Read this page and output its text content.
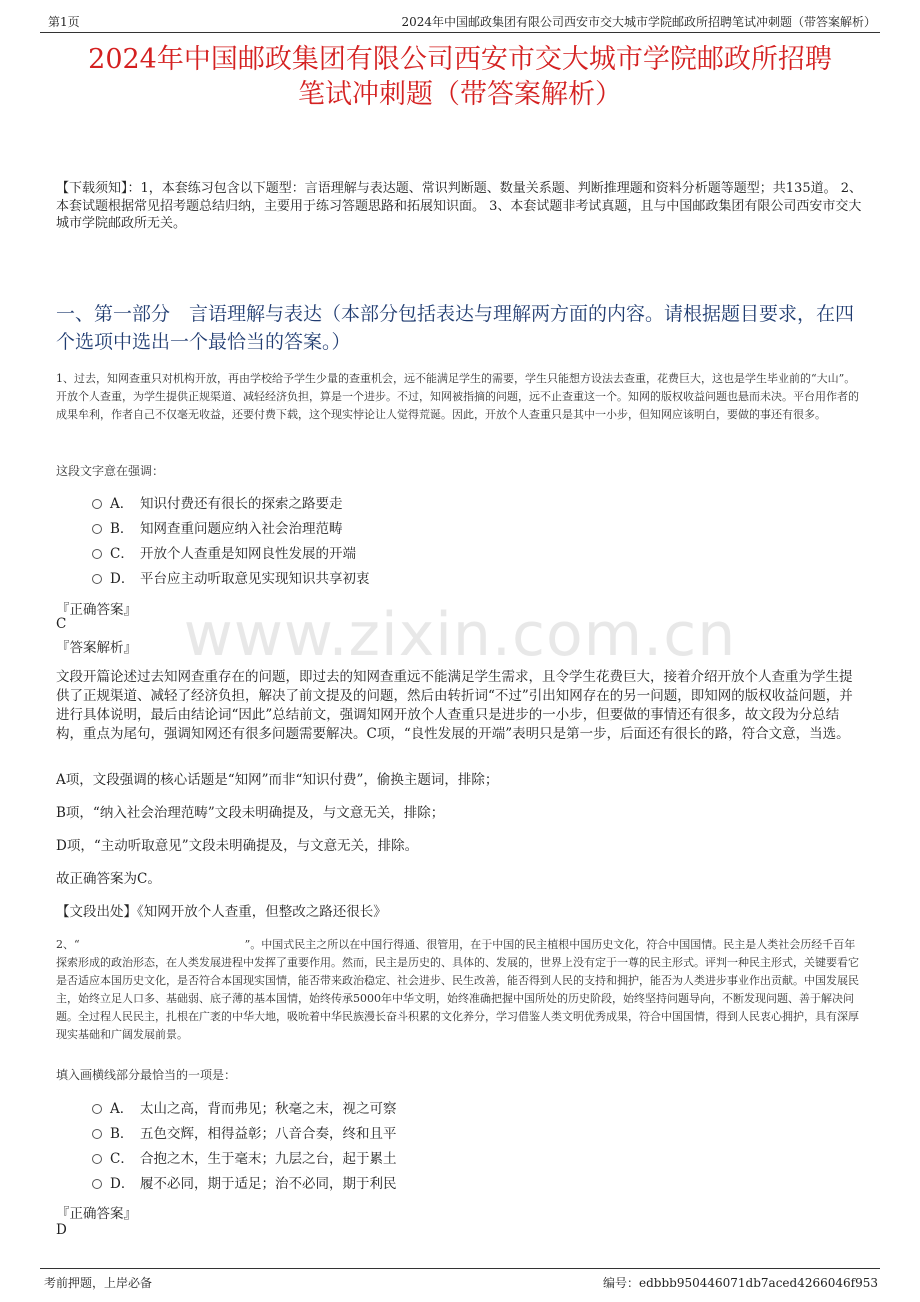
第1页	2024年中国邮政集团有限公司西安市交大城市学院邮政所招聘笔试冲刺题（带答案解析）
2024年中国邮政集团有限公司西安市交大城市学院邮政所招聘
笔试冲刺题（带答案解析）
【下载须知】：1，本套练习包含以下题型：言语理解与表达题、常识判断题、数量关系题、判断推理题和资料分析题等题型；共135道。 2、本套试题根据常见招考题总结归纳，主要用于练习答题思路和拓展知识面。 3、本套试题非考试真题，且与中国邮政集团有限公司西安市交大城市学院邮政所无关。
一、第一部分　言语理解与表达（本部分包括表达与理解两方面的内容。请根据题目要求，在四个选项中选出一个最恰当的答案。）
1、过去，知网查重只对机构开放，再由学校给予学生少量的查重机会，远不能满足学生的需要，学生只能想方设法去查重，花费巨大，这也是学生毕业前的“大山”。开放个人查重，为学生提供正规渠道、减轻经济负担，算是一个进步。不过，知网被指摘的问题，远不止查重这一个。知网的版权收益问题也悬而未决。平台用作者的成果牟利，作者自己不仅毫无收益，还要付费下载，这个现实悖论让人觉得荒诞。因此，开放个人查重只是其中一小步，但知网应该明白，要做的事还有很多。
这段文字意在强调：
A． 知识付费还有很长的探索之路要走
B． 知网查重问题应纳入社会治理范畴
C． 开放个人查重是知网良性发展的开端
D． 平台应主动听取意见实现知识共享初衷
『正确答案』
C
『答案解析』 www.zixin.com.cn
文段开篇论述过去知网查重存在的问题，即过去的知网查重远不能满足学生需求，且令学生花费巨大，接着介绍开放个人查重为学生提供了正规渠道、减轻了经济负担，解决了前文提及的问题，然后由转折词“不过”引出知网存在的另一问题，即知网的版权收益问题，并进行具体说明，最后由结论词“因此”总结前文，强调知网开放个人查重只是进步的一小步，但要做的事情还有很多，故文段为分总结构，重点为尾句，强调知网还有很多问题需要解决。C项，“良性发展的开端”表明只是第一步，后面还有很长的路，符合文意，当选。
A项，文段强调的核心话题是“知网”而非“知识付费”，偷换主题词，排除；
B项，“纳入社会治理范畴”文段未明确提及，与文意无关，排除；
D项，“主动听取意见”文段未明确提及，与文意无关，排除。
故正确答案为C。
【文段出处】《知网开放个人查重，但整改之路还很长》
2、“　　　　　　　　　　　　　　　”。中国式民主之所以在中国行得通、很管用，在于中国的民主植根中国历史文化，符合中国国情。民主是人类社会历经千百年探索形成的政治形态，在人类发展进程中发挥了重要作用。然而，民主是历史的、具体的、发展的，世界上没有定于一尊的民主形式。评判一种民主形式，关键要看它是否适应本国历史文化，是否符合本国现实国情，能否带来政治稳定、社会进步、民生改善，能否得到人民的支持和拥护，能否为人类进步事业作出贡献。中国发展民主，始终立足人口多、基础弱、底子薄的基本国情，始终传承5000年中华文明，始终准确把握中国所处的历史阶段，始终坚持问题导向，不断发现问题、善于解决问题。全过程人民民主，扎根在广袤的中华大地，吸吮着中华民族漫长奋斗积累的文化养分，学习借鉴人类文明优秀成果，符合中国国情，得到人民衷心拥护，具有深厚现实基础和广阔发展前景。
填入画横线部分最恰当的一项是：
A． 太山之高，背而弗见；秋毫之末，视之可察
B． 五色交辉，相得益彰；八音合奏，终和且平
C． 合抱之木，生于毫末；九层之台，起于累土
D． 履不必同，期于适足；治不必同，期于利民
『正确答案』
D
考前押题，上岸必备	编号：edbbb950446071db7aced4266046f953
